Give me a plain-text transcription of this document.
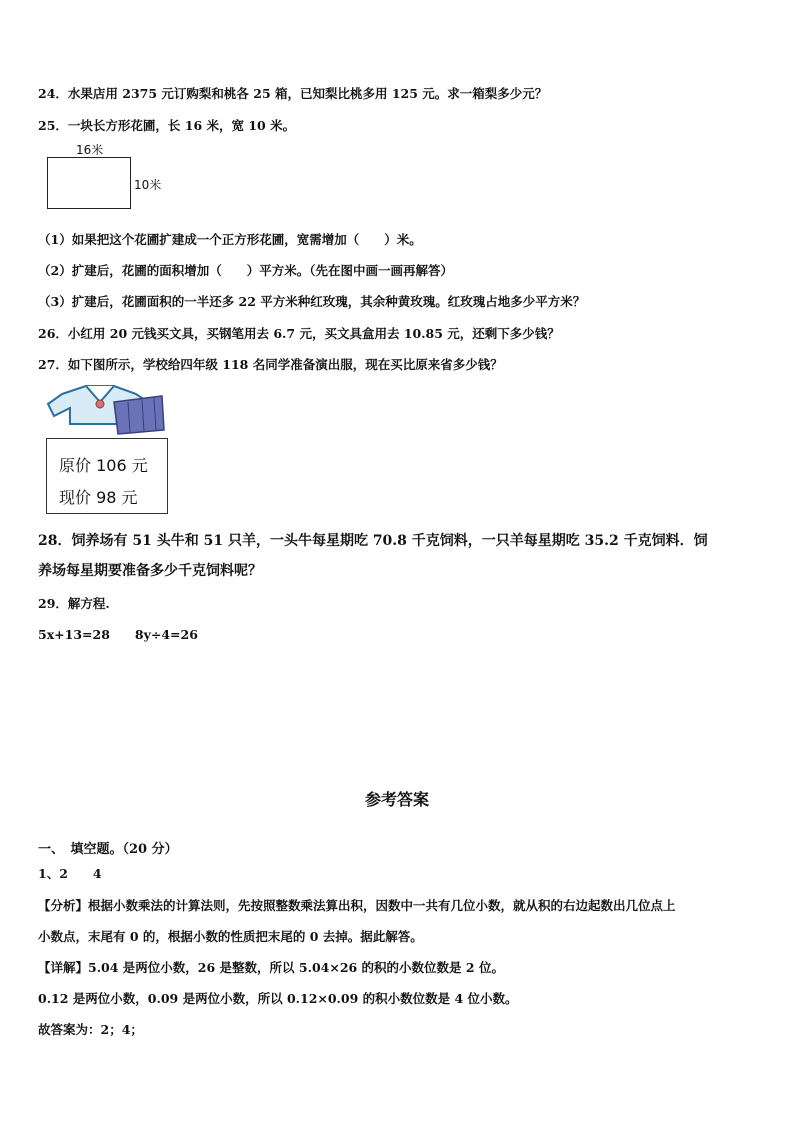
24．水果店用 2375 元订购梨和桃各 25 箱，已知梨比桃多用 125 元。求一箱梨多少元？
25．一块长方形花圃，长 16 米，宽 10 米。
16米
10米
（1）如果把这个花圃扩建成一个正方形花圃，宽需增加（　　）米。
（2）扩建后，花圃的面积增加（　　）平方米。（先在图中画一画再解答）
（3）扩建后，花圃面积的一半还多 22 平方米种红玫瑰，其余种黄玫瑰。红玫瑰占地多少平方米？
26．小红用 20 元钱买文具，买钢笔用去 6.7 元，买文具盒用去 10.85 元，还剩下多少钱？
27．如下图所示，学校给四年级 118 名同学准备演出服，现在买比原来省多少钱？
原价 106 元
现价 98 元
28．饲养场有 51 头牛和 51 只羊，一头牛每星期吃 70.8 千克饲料，一只羊每星期吃 35.2 千克饲料．饲
养场每星期要准备多少千克饲料呢？
29．解方程.
5x+13=28　　8y÷4=26
参考答案
一、　填空题。（20 分）
1、2　　4
【分析】根据小数乘法的计算法则，先按照整数乘法算出积，因数中一共有几位小数，就从积的右边起数出几位点上
小数点，末尾有 0 的，根据小数的性质把末尾的 0 去掉。据此解答。
【详解】5.04 是两位小数，26 是整数，所以 5.04×26 的积的小数位数是 2 位。
0.12 是两位小数，0.09 是两位小数，所以 0.12×0.09 的积小数位数是 4 位小数。
故答案为：2；4；
